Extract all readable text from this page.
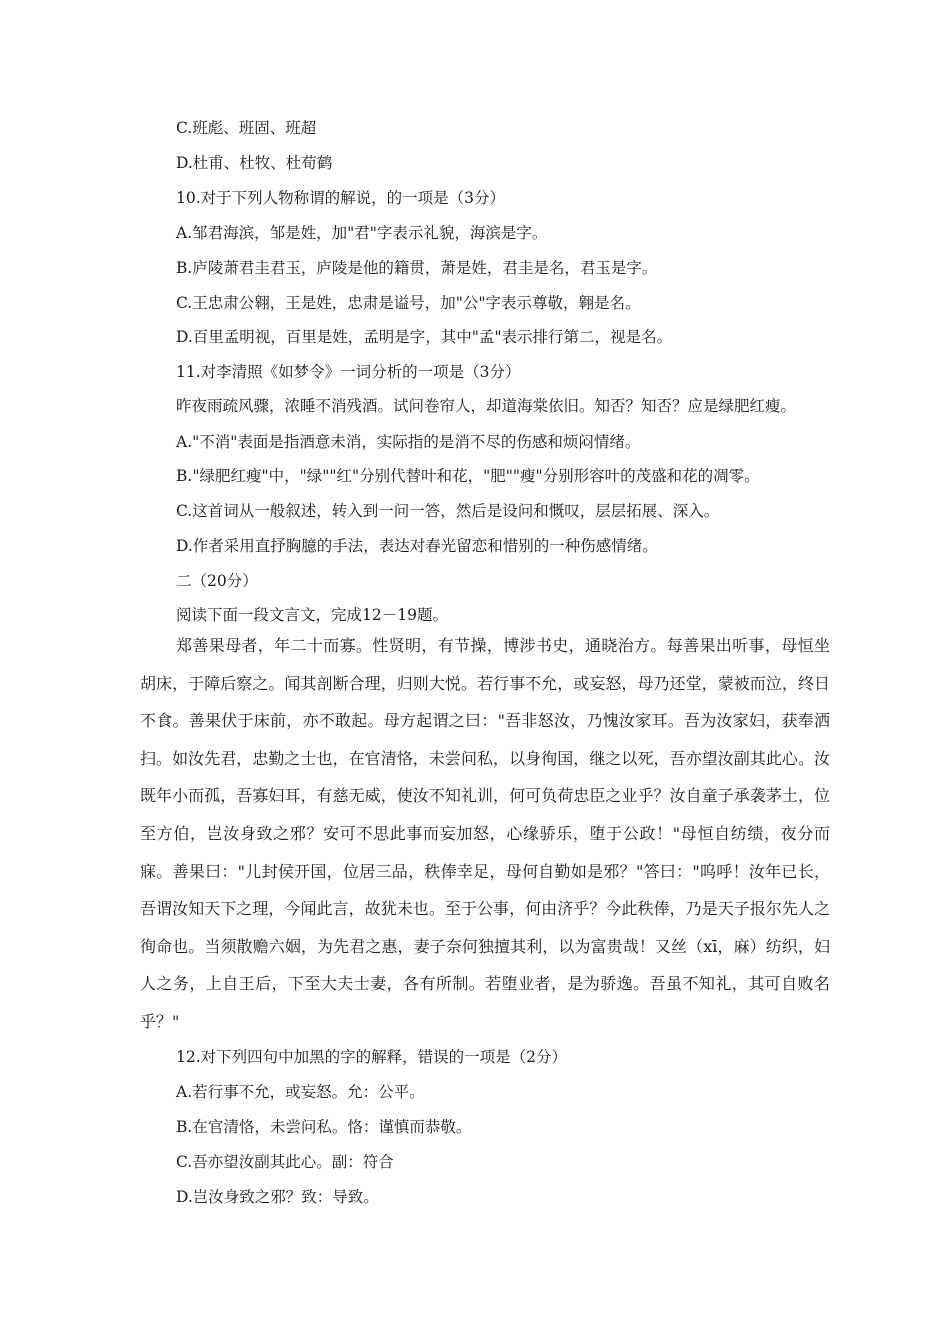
C.班彪、班固、班超
D.杜甫、杜牧、杜荀鹤
10.对于下列人物称谓的解说，的一项是（3分）
A.邹君海滨，邹是姓，加"君"字表示礼貌，海滨是字。
B.庐陵萧君圭君玉，庐陵是他的籍贯，萧是姓，君圭是名，君玉是字。
C.王忠肃公翱，王是姓，忠肃是谥号，加"公"字表示尊敬，翱是名。
D.百里孟明视，百里是姓，孟明是字，其中"孟"表示排行第二，视是名。
11.对李清照《如梦令》一词分析的一项是（3分）
昨夜雨疏风骤，浓睡不消残酒。试问卷帘人，却道海棠依旧。知否？知否？应是绿肥红瘦。
A."不消"表面是指酒意未消，实际指的是消不尽的伤感和烦闷情绪。
B."绿肥红瘦"中，"绿""红"分别代替叶和花，"肥""瘦"分别形容叶的茂盛和花的凋零。
C.这首词从一般叙述，转入到一问一答，然后是设问和慨叹，层层拓展、深入。
D.作者采用直抒胸臆的手法，表达对春光留恋和惜别的一种伤感情绪。
二（20分）
阅读下面一段文言文，完成12－19题。
郑善果母者，年二十而寡。性贤明，有节操，博涉书史，通晓治方。每善果出听事，母恒坐胡床，于障后察之。闻其剖断合理，归则大悦。若行事不允，或妄怒，母乃还堂，蒙被而泣，终日不食。善果伏于床前，亦不敢起。母方起谓之曰："吾非怒汝，乃愧汝家耳。吾为汝家妇，获奉洒扫。如汝先君，忠勤之士也，在官清恪，未尝问私，以身徇国，继之以死，吾亦望汝副其此心。汝既年小而孤，吾寡妇耳，有慈无威，使汝不知礼训，何可负荷忠臣之业乎？汝自童子承袭茅土，位至方伯，岂汝身致之邪？安可不思此事而妄加怒，心缘骄乐，堕于公政！"母恒自纺绩，夜分而寐。善果曰："儿封侯开国，位居三品，秩俸幸足，母何自勤如是邪？"答曰："呜呼！汝年已长，吾谓汝知天下之理，今闻此言，故犹未也。至于公事，何由济乎？今此秩俸，乃是天子报尔先人之徇命也。当须散赡六姻，为先君之惠，妻子奈何独擅其利，以为富贵哉！又丝（xī，麻）纺织，妇人之务，上自王后，下至大夫士妻，各有所制。若堕业者，是为骄逸。吾虽不知礼，其可自败名乎？"
12.对下列四句中加黑的字的解释，错误的一项是（2分）
A.若行事不允，或妄怒。允：公平。
B.在官清恪，未尝问私。恪：谨慎而恭敬。
C.吾亦望汝副其此心。副：符合
D.岂汝身致之邪？致：导致。
